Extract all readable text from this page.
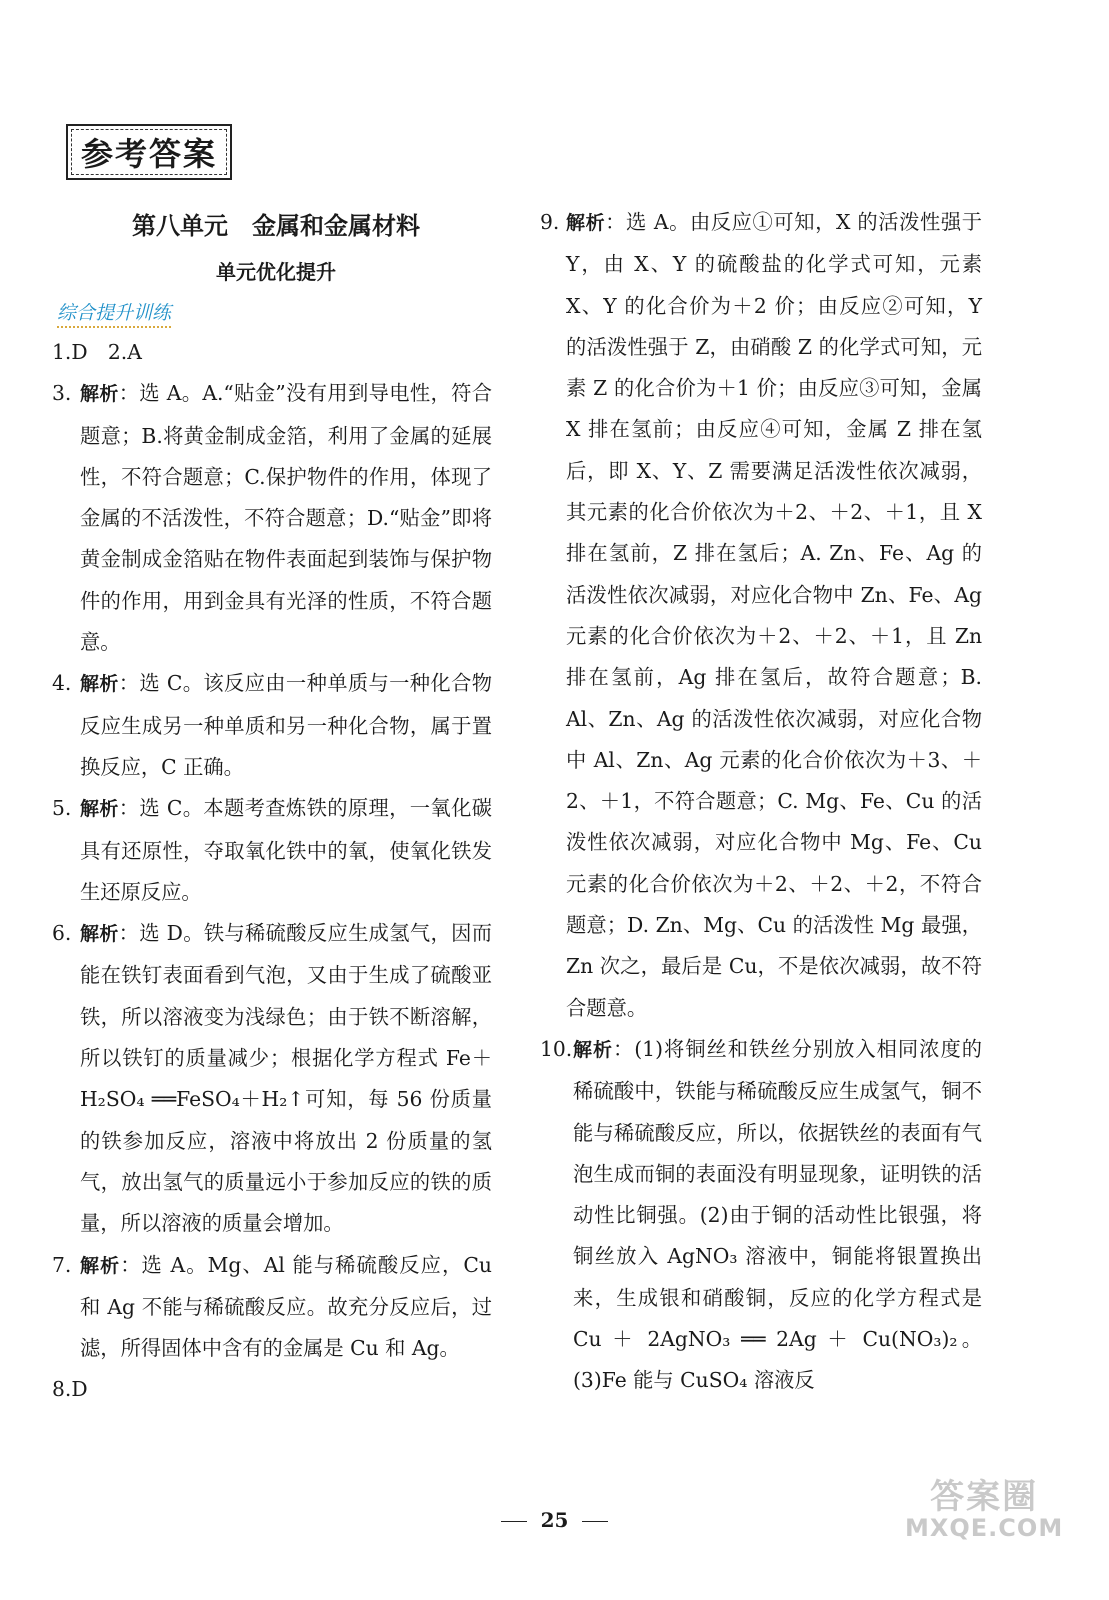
参考答案
第八单元　金属和金属材料
单元优化提升
综合提升训练
1.D　2.A
3. 解析：选 A。A.“贴金”没有用到导电性，符合题意；B.将黄金制成金箔，利用了金属的延展性，不符合题意；C.保护物件的作用，体现了金属的不活泼性，不符合题意；D.“贴金”即将黄金制成金箔贴在物件表面起到装饰与保护物件的作用，用到金具有光泽的性质，不符合题意。
4. 解析：选 C。该反应由一种单质与一种化合物反应生成另一种单质和另一种化合物，属于置换反应，C 正确。
5. 解析：选 C。本题考查炼铁的原理，一氧化碳具有还原性，夺取氧化铁中的氧，使氧化铁发生还原反应。
6. 解析：选 D。铁与稀硫酸反应生成氢气，因而能在铁钉表面看到气泡，又由于生成了硫酸亚铁，所以溶液变为浅绿色；由于铁不断溶解，所以铁钉的质量减少；根据化学方程式 Fe＋H₂SO₄ ══FeSO₄＋H₂↑可知，每 56 份质量的铁参加反应，溶液中将放出 2 份质量的氢气，放出氢气的质量远小于参加反应的铁的质量，所以溶液的质量会增加。
7. 解析：选 A。Mg、Al 能与稀硫酸反应，Cu 和 Ag 不能与稀硫酸反应。故充分反应后，过滤，所得固体中含有的金属是 Cu 和 Ag。
8.D
9. 解析：选 A。由反应①可知，X 的活泼性强于 Y，由 X、Y 的硫酸盐的化学式可知，元素 X、Y 的化合价为＋2 价；由反应②可知，Y 的活泼性强于 Z，由硝酸 Z 的化学式可知，元素 Z 的化合价为＋1 价；由反应③可知，金属 X 排在氢前；由反应④可知，金属 Z 排在氢后，即 X、Y、Z 需要满足活泼性依次减弱，其元素的化合价依次为＋2、＋2、＋1，且 X 排在氢前，Z 排在氢后；A. Zn、Fe、Ag 的活泼性依次减弱，对应化合物中 Zn、Fe、Ag 元素的化合价依次为＋2、＋2、＋1，且 Zn 排在氢前，Ag 排在氢后，故符合题意；B. Al、Zn、Ag 的活泼性依次减弱，对应化合物中 Al、Zn、Ag 元素的化合价依次为＋3、＋2、＋1，不符合题意；C. Mg、Fe、Cu 的活泼性依次减弱，对应化合物中 Mg、Fe、Cu 元素的化合价依次为＋2、＋2、＋2，不符合题意；D. Zn、Mg、Cu 的活泼性 Mg 最强，Zn 次之，最后是 Cu，不是依次减弱，故不符合题意。
10. 解析：(1)将铜丝和铁丝分别放入相同浓度的稀硫酸中，铁能与稀硫酸反应生成氢气，铜不能与稀硫酸反应，所以，依据铁丝的表面有气泡生成而铜的表面没有明显现象，证明铁的活动性比铜强。(2)由于铜的活动性比银强，将铜丝放入 AgNO₃ 溶液中，铜能将银置换出来，生成银和硝酸铜，反应的化学方程式是 Cu ＋ 2AgNO₃ ══ 2Ag ＋ Cu(NO₃)₂。(3)Fe 能与 CuSO₄ 溶液反
25
答案圈
MXQE.COM
